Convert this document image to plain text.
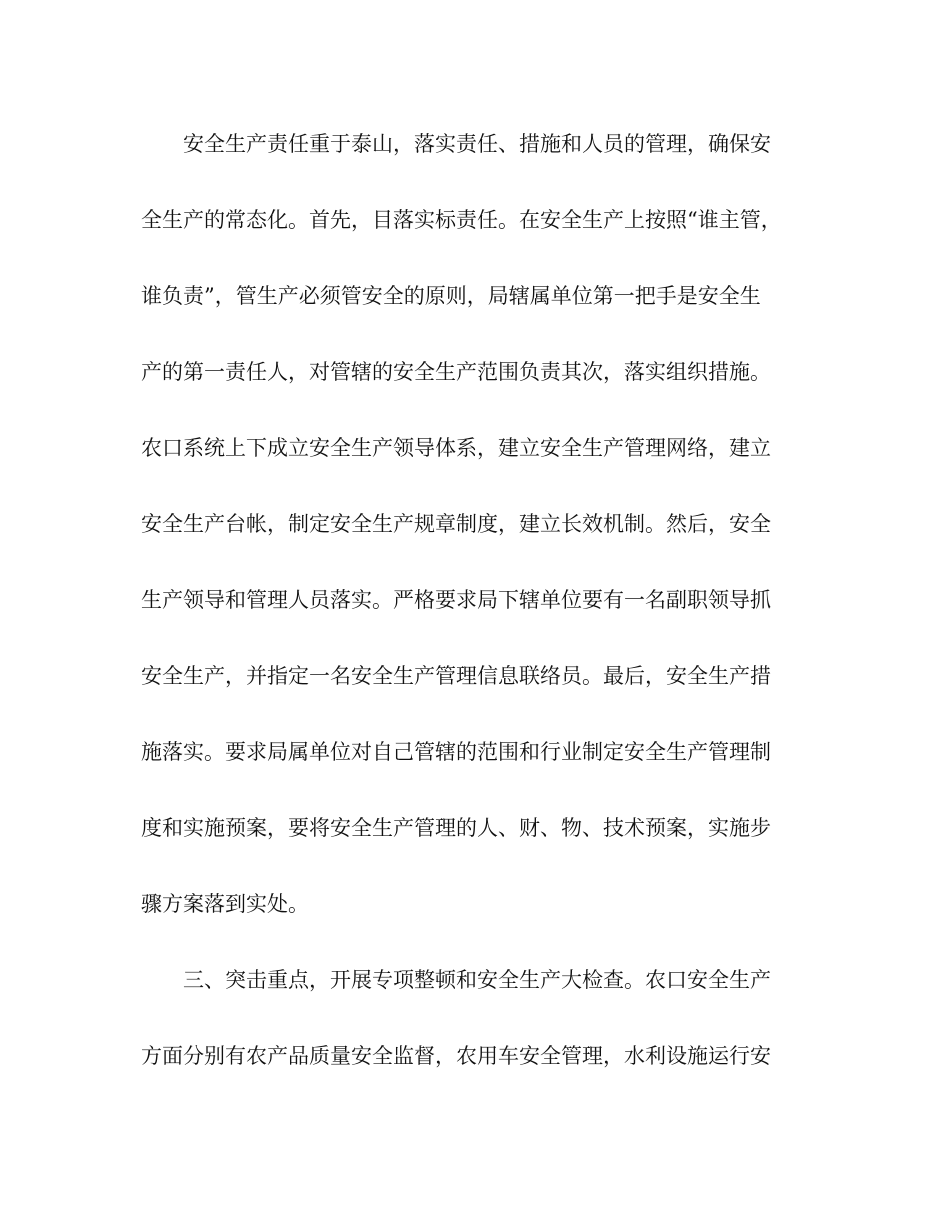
安全生产责任重于泰山，落实责任、措施和人员的管理，确保安
全生产的常态化。首先，目落实标责任。在安全生产上按照“谁主管，
谁负责”，管生产必须管安全的原则，局辖属单位第一把手是安全生
产的第一责任人，对管辖的安全生产范围负责其次，落实组织措施。
农口系统上下成立安全生产领导体系，建立安全生产管理网络，建立
安全生产台帐，制定安全生产规章制度，建立长效机制。然后，安全
生产领导和管理人员落实。严格要求局下辖单位要有一名副职领导抓
安全生产，并指定一名安全生产管理信息联络员。最后，安全生产措
施落实。要求局属单位对自己管辖的范围和行业制定安全生产管理制
度和实施预案，要将安全生产管理的人、财、物、技术预案，实施步
骤方案落到实处。
三、突击重点，开展专项整顿和安全生产大检查。农口安全生产
方面分别有农产品质量安全监督，农用车安全管理，水利设施运行安
